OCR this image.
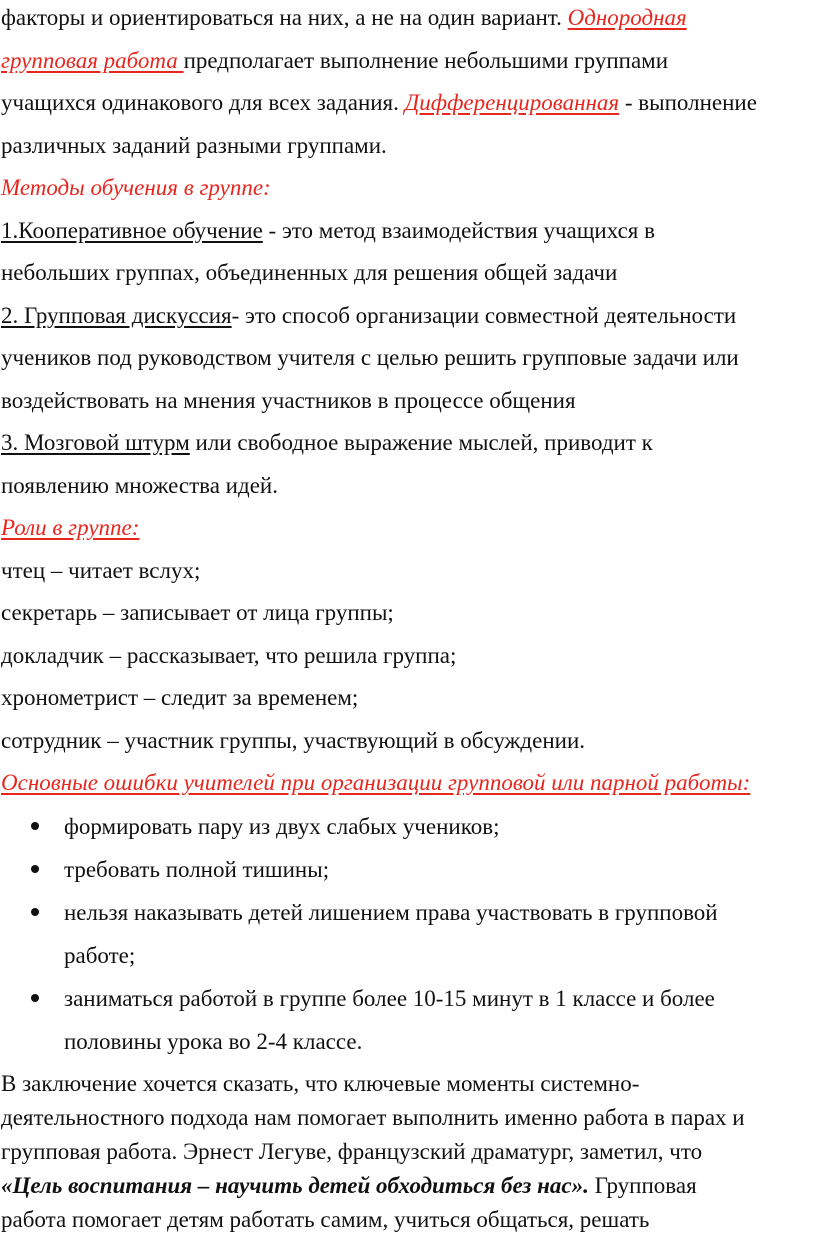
факторы и ориентироваться на них, а не на один вариант. Однородная
групповая работа предполагает выполнение небольшими группами
учащихся одинакового для всех задания. Дифференцированная - выполнение
различных заданий разными группами.
Методы обучения в группе:
1.Кооперативное обучение - это метод взаимодействия учащихся в
небольших группах, объединенных для решения общей задачи
2. Групповая дискуссия- это способ организации совместной деятельности
учеников под руководством учителя с целью решить групповые задачи или
воздействовать на мнения участников в процессе общения
3. Мозговой штурм или свободное выражение мыслей, приводит к
появлению множества идей.
Роли в группе:
чтец – читает вслух;
секретарь – записывает от лица группы;
докладчик – рассказывает, что решила группа;
хронометрист – следит за временем;
сотрудник – участник группы, участвующий в обсуждении.
Основные ошибки учителей при организации групповой или парной работы:
формировать пару из двух слабых учеников;
требовать полной тишины;
нельзя наказывать детей лишением права участвовать в групповой
работе;
заниматься работой в группе более 10-15 минут в 1 классе и более
половины урока во 2-4 классе.
В заключение хочется сказать, что ключевые моменты системно-
деятельностного подхода нам помогает выполнить именно работа в парах и
групповая работа. Эрнест Легуве, французский драматург, заметил, что
«Цель воспитания – научить детей обходиться без нас». Групповая
работа помогает детям работать самим, учиться общаться, решать
